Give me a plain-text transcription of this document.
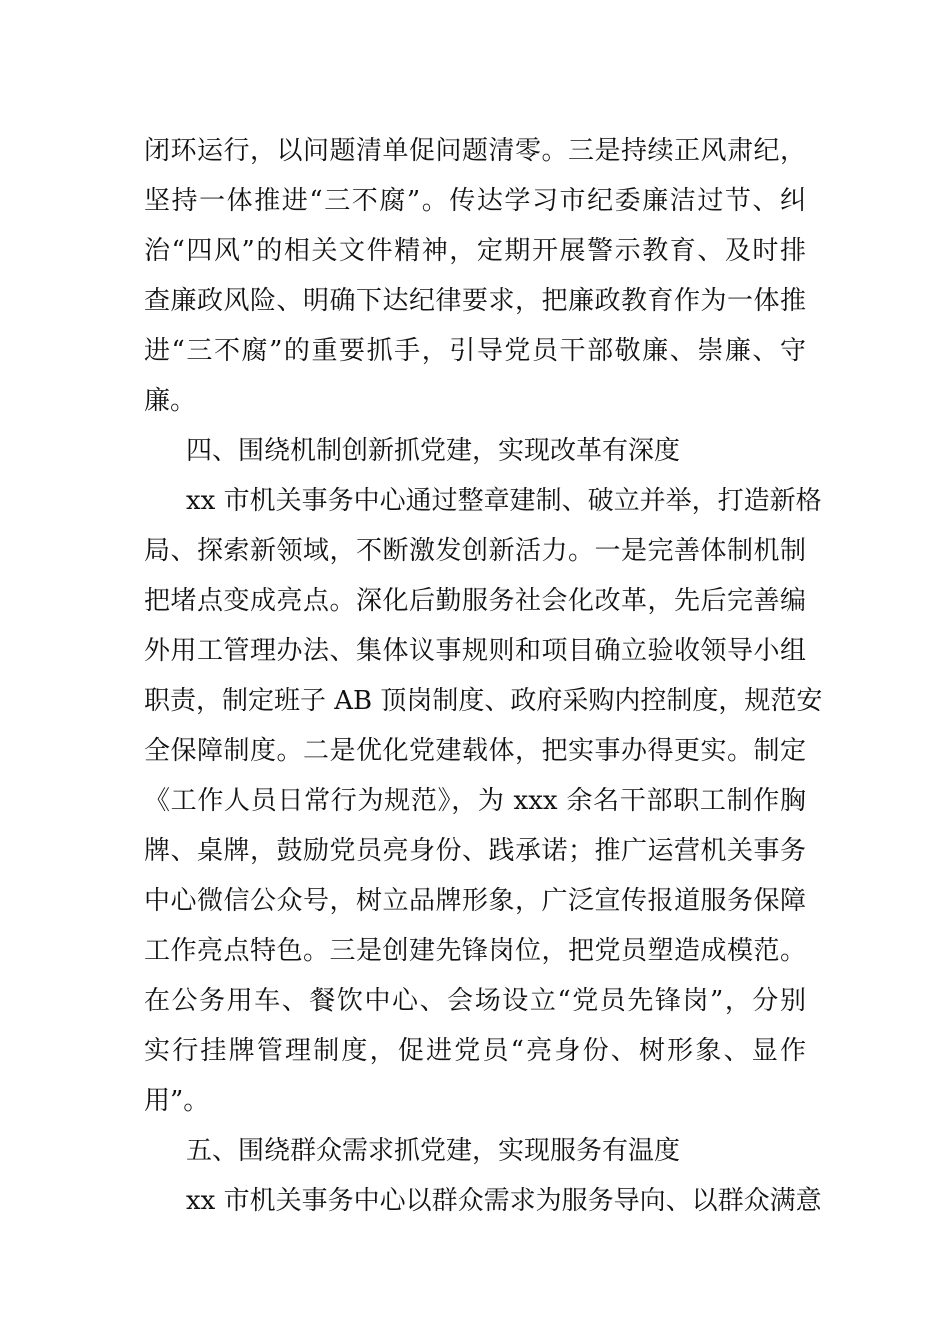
闭环运行，以问题清单促问题清零。三是持续正风肃纪，
坚持一体推进“三不腐”。传达学习市纪委廉洁过节、纠
治“四风”的相关文件精神，定期开展警示教育、及时排
查廉政风险、明确下达纪律要求，把廉政教育作为一体推
进“三不腐”的重要抓手，引导党员干部敬廉、崇廉、守
廉。
四、围绕机制创新抓党建，实现改革有深度
xx 市机关事务中心通过整章建制、破立并举，打造新格
局、探索新领域，不断激发创新活力。一是完善体制机制
把堵点变成亮点。深化后勤服务社会化改革，先后完善编
外用工管理办法、集体议事规则和项目确立验收领导小组
职责，制定班子 AB 顶岗制度、政府采购内控制度，规范安
全保障制度。二是优化党建载体，把实事办得更实。制定
《工作人员日常行为规范》，为 xxx 余名干部职工制作胸
牌、桌牌，鼓励党员亮身份、践承诺；推广运营机关事务
中心微信公众号，树立品牌形象，广泛宣传报道服务保障
工作亮点特色。三是创建先锋岗位，把党员塑造成模范。
在公务用车、餐饮中心、会场设立“党员先锋岗”，分别
实行挂牌管理制度，促进党员“亮身份、树形象、显作
用”。
五、围绕群众需求抓党建，实现服务有温度
xx 市机关事务中心以群众需求为服务导向、以群众满意
